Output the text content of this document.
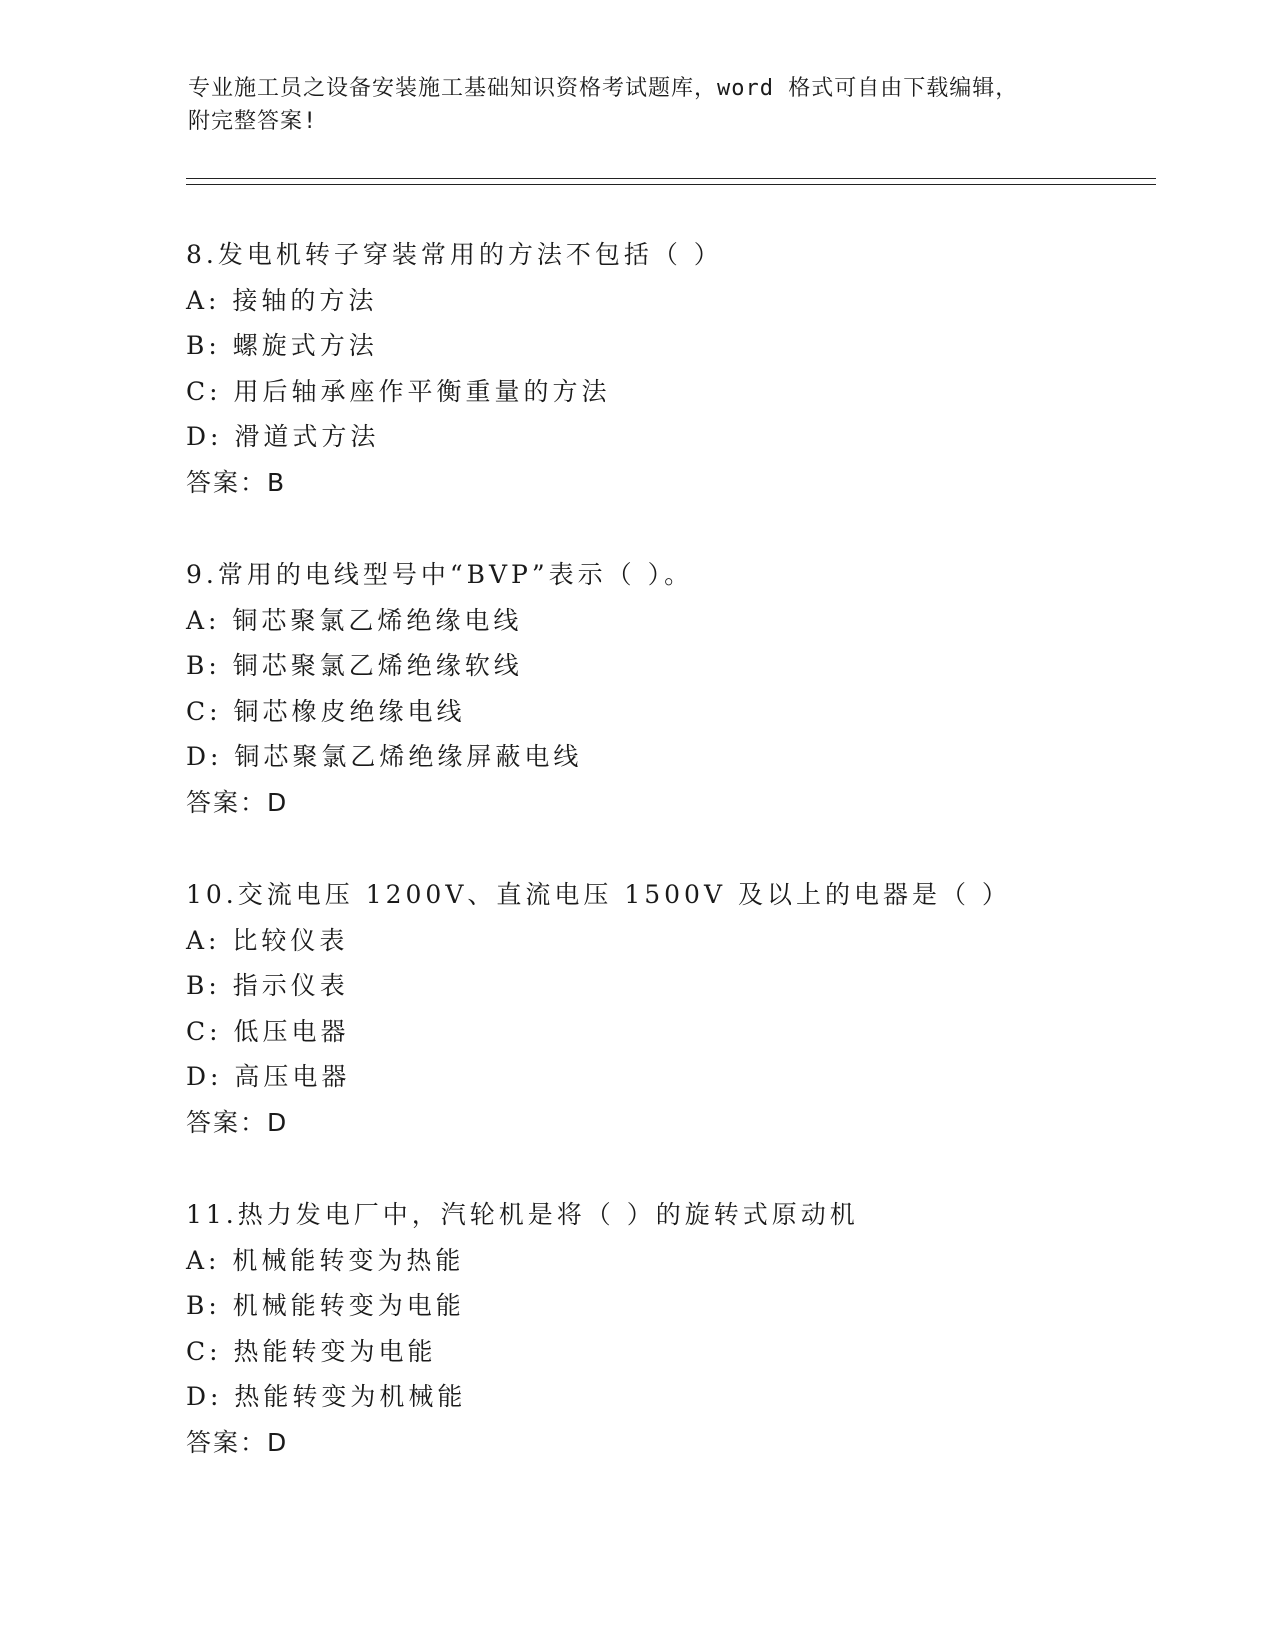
专业施工员之设备安装施工基础知识资格考试题库，word 格式可自由下载编辑，
附完整答案!
8.发电机转子穿装常用的方法不包括（ ）
A: 接轴的方法
B: 螺旋式方法
C: 用后轴承座作平衡重量的方法
D: 滑道式方法
答案：B
9.常用的电线型号中“BVP”表示（ ）。
A: 铜芯聚氯乙烯绝缘电线
B: 铜芯聚氯乙烯绝缘软线
C: 铜芯橡皮绝缘电线
D: 铜芯聚氯乙烯绝缘屏蔽电线
答案：D
10.交流电压 1200V、直流电压 1500V 及以上的电器是（ ）
A: 比较仪表
B: 指示仪表
C: 低压电器
D: 高压电器
答案：D
11.热力发电厂中，汽轮机是将（ ）的旋转式原动机
A: 机械能转变为热能
B: 机械能转变为电能
C: 热能转变为电能
D: 热能转变为机械能
答案：D
